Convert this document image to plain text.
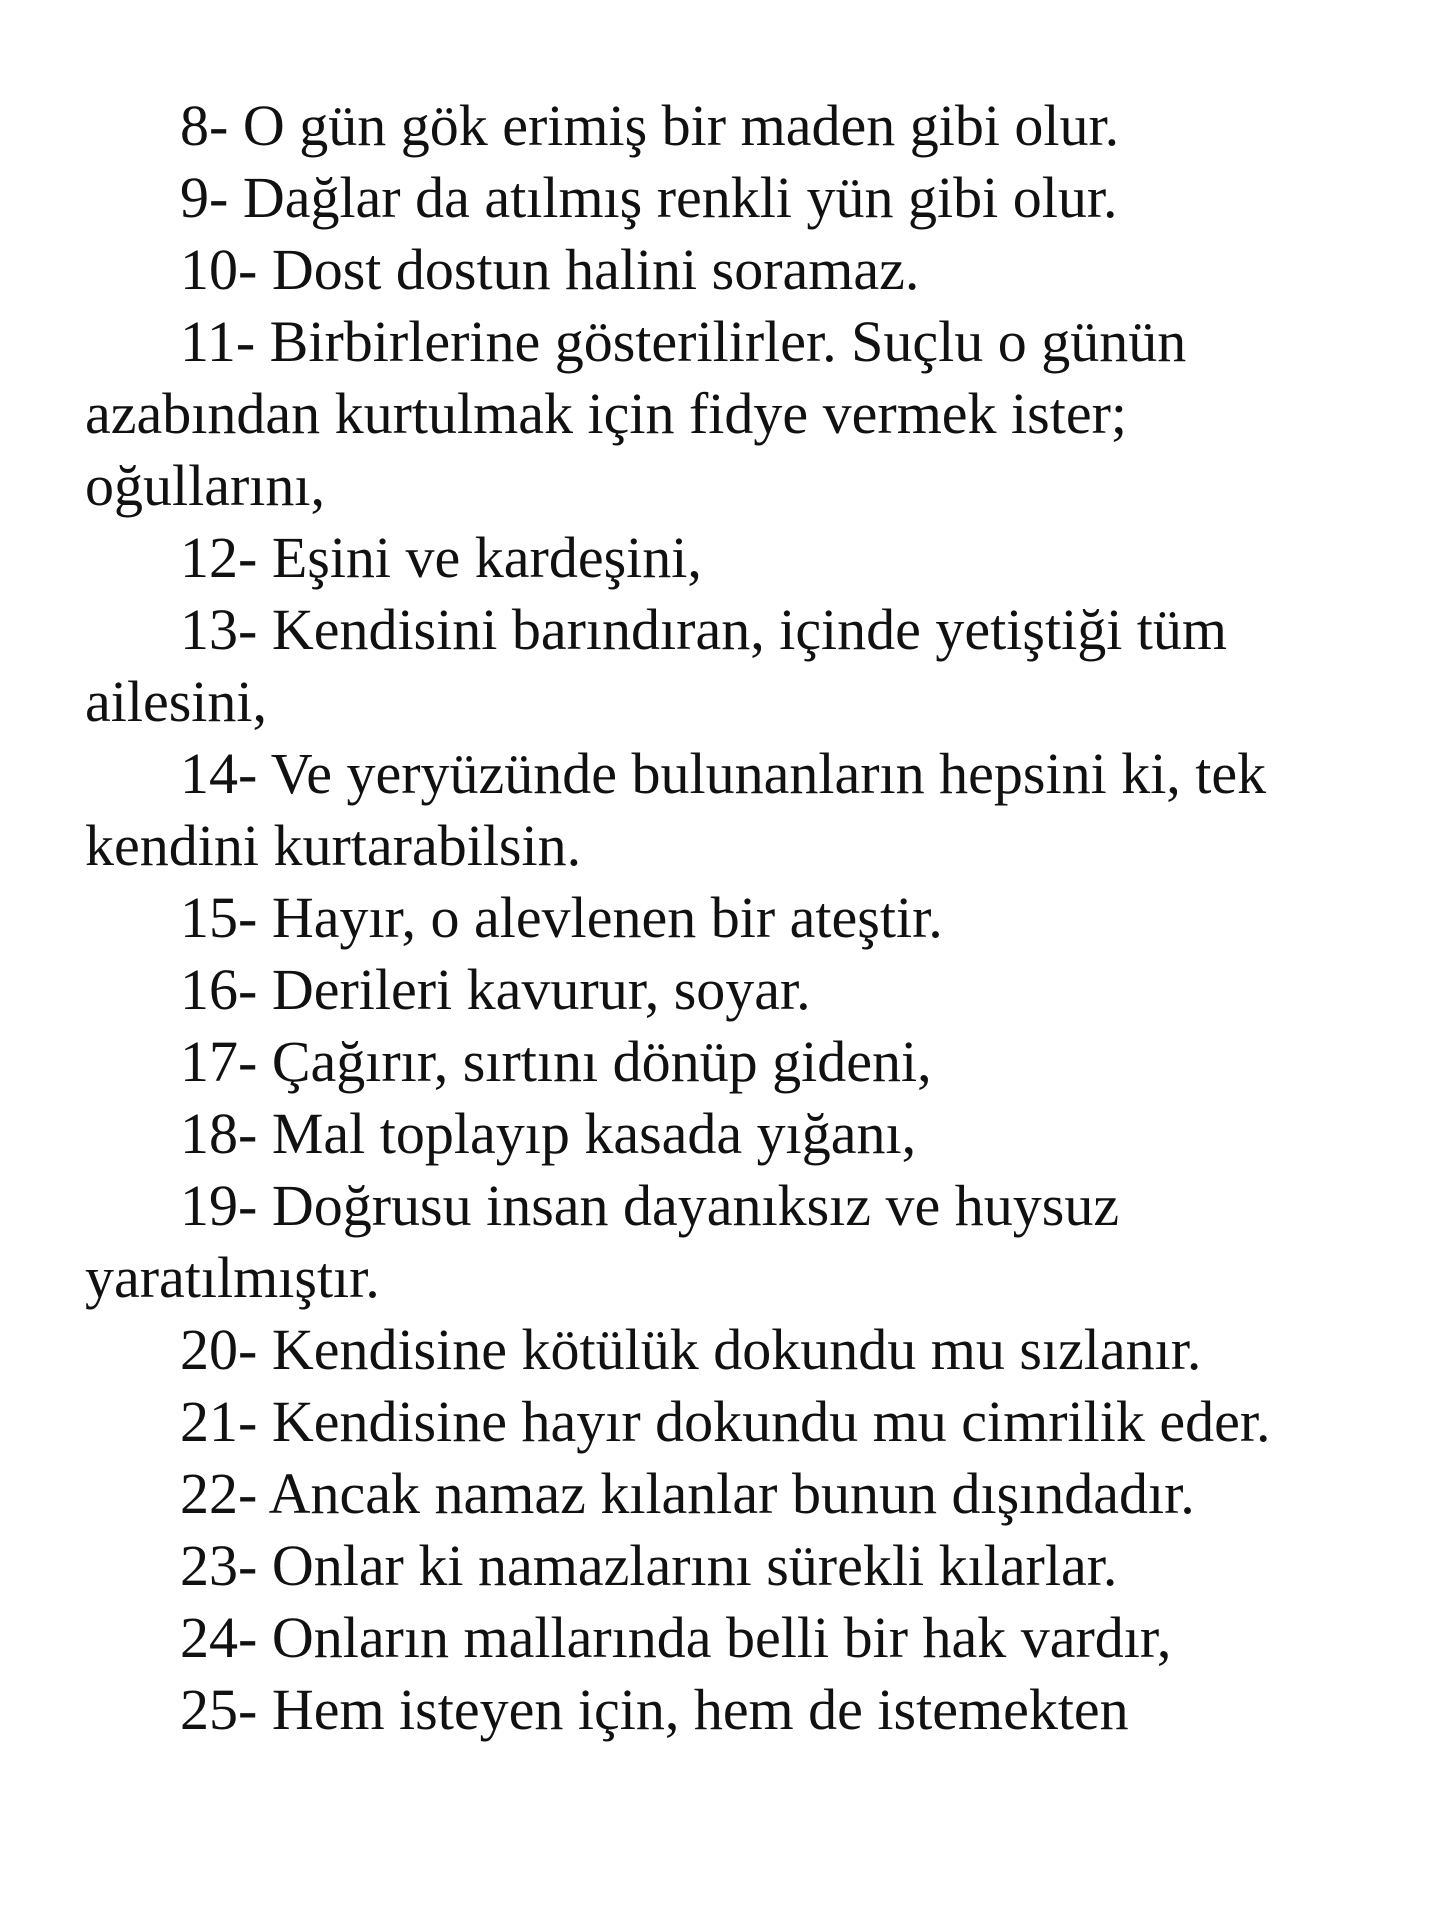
8- O gün gök erimiş bir maden gibi olur.

9- Dağlar da atılmış renkli yün gibi olur.

10- Dost dostun halini soramaz.

11- Birbirlerine gösterilirler. Suçlu o günün azabından kurtulmak için fidye vermek ister; oğullarını,

12- Eşini ve kardeşini,

13- Kendisini barındıran, içinde yetiştiği tüm ailesini,

14- Ve yeryüzünde bulunanların hepsini ki, tek kendini kurtarabilsin.

15- Hayır, o alevlenen bir ateştir.

16- Derileri kavurur, soyar.

17- Çağırır, sırtını dönüp gideni,

18- Mal toplayıp kasada yığanı,

19- Doğrusu insan dayanıksız ve huysuz yaratılmıştır.

20- Kendisine kötülük dokundu mu sızlanır.

21- Kendisine hayır dokundu mu cimrilik eder.

22- Ancak namaz kılanlar bunun dışındadır.

23- Onlar ki namazlarını sürekli kılarlar.

24- Onların mallarında belli bir hak vardır,

25- Hem isteyen için, hem de istemekten
